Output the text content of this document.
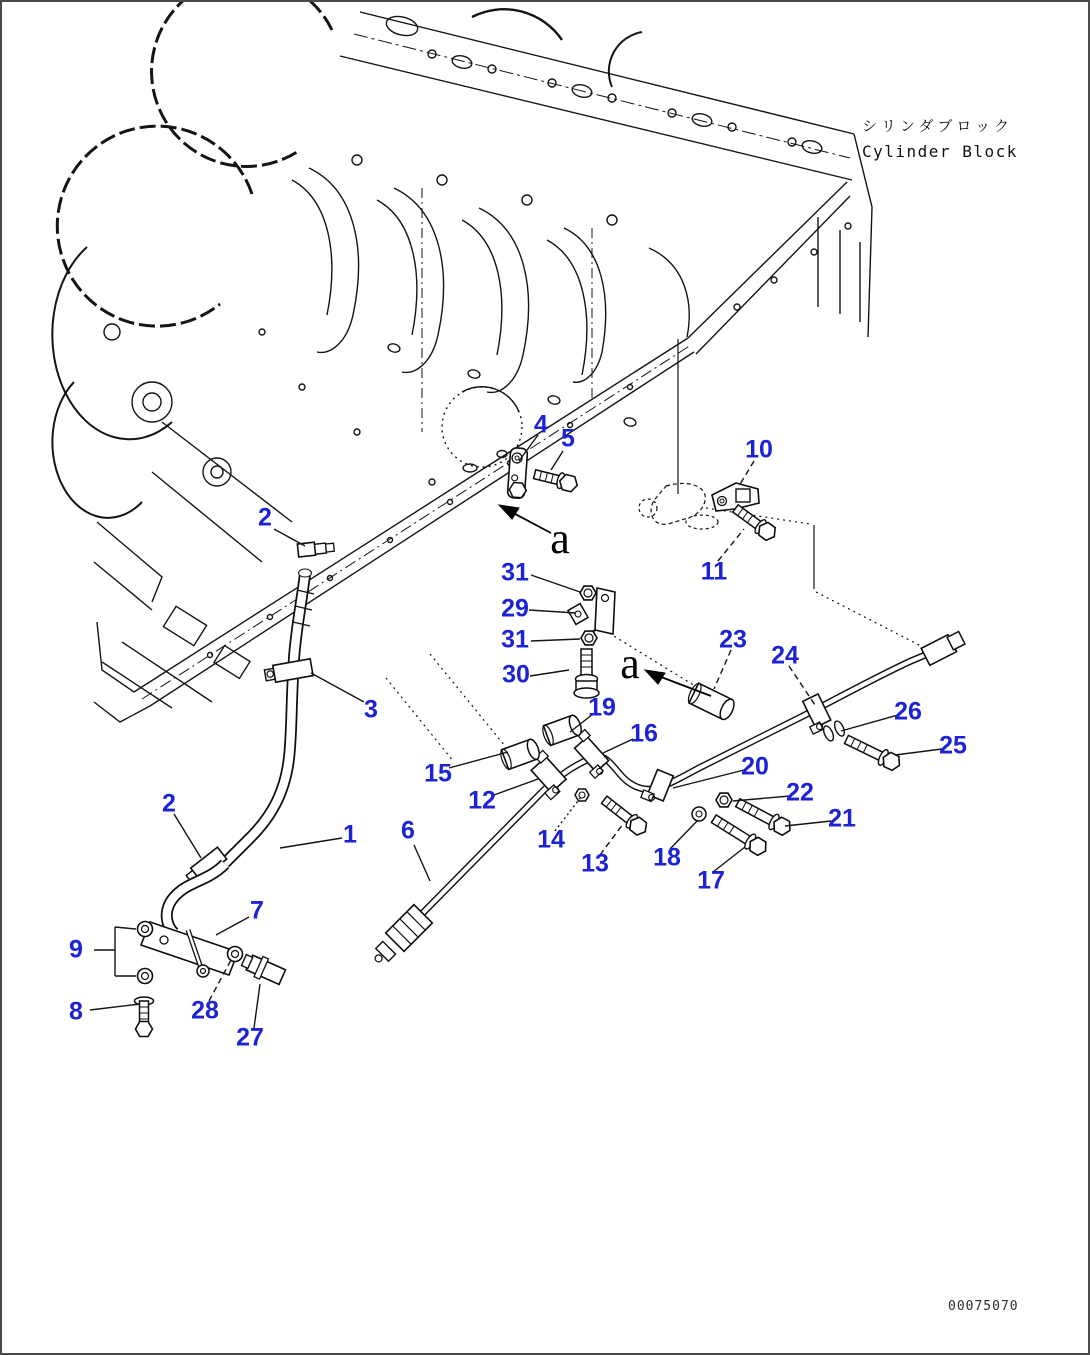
4 5	10
2
31
29
11
31
30
23
24
3	19
16
15
12
26
25
20
22
21
2
1 6	14
13 18
17
7
9
8	28
27
a
a
シリンダブロック
Cylinder Block
00075070
